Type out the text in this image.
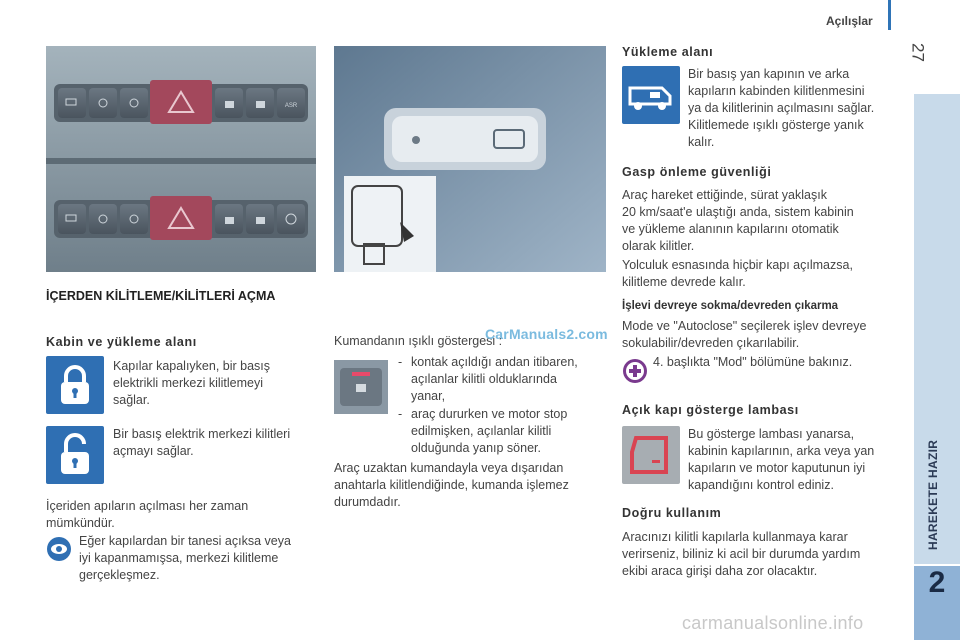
Açılışlar
27
HAREKETE HAZIR
2
ASR
İÇERDEN KİLİTLEME/KİLİTLERİ AÇMA
Kabin ve yükleme alanı
Kapılar kapalıyken, bir basış
elektrikli merkezi kilitlemeyi
sağlar.
Bir basış elektrik merkezi kilitleri
açmayı sağlar.
İçeriden apıların açılması her zaman
mümkündür.
Eğer kapılardan bir tanesi açıksa veya
iyi kapanmamışsa, merkezi kilitleme
gerçekleşmez.
Kumandanın ışıklı göstergesi :
- kontak açıldığı andan itibaren,
açılanlar kilitli olduklarında
yanar,
- araç dururken ve motor stop
edilmişken, açılanlar kilitli
olduğunda yanıp söner.
Araç uzaktan kumandayla veya dışarıdan
anahtarla kilitlendiğinde, kumanda işlemez
durumdadır.
CarManuals2.com
Yükleme alanı
Bir basış yan kapının ve arka
kapıların kabinden kilitlenmesini
ya da kilitlerinin açılmasını sağlar.
Kilitlemede ışıklı gösterge yanık
kalır.
Gasp önleme güvenliği
Araç hareket ettiğinde, sürat yaklaşık
20 km/saat'e ulaştığı anda, sistem kabinin
ve yükleme alanının kapılarını otomatik
olarak kilitler.
Yolculuk esnasında hiçbir kapı açılmazsa,
kilitleme devrede kalır.
İşlevi devreye sokma/devreden çıkarma
Mode ve "Autoclose" seçilerek işlev devreye
sokulabilir/devreden çıkarılabilir.
4. başlıkta "Mod" bölümüne bakınız.
Açık kapı gösterge lambası
Bu gösterge lambası yanarsa,
kabinin kapılarının, arka veya yan
kapıların ve motor kaputunun iyi
kapandığını kontrol ediniz.
Doğru kullanım
Aracınızı kilitli kapılarla kullanmaya karar
verirseniz, biliniz ki acil bir durumda yardım
ekibi araca girişi daha zor olacaktır.
carmanualsonline.info
